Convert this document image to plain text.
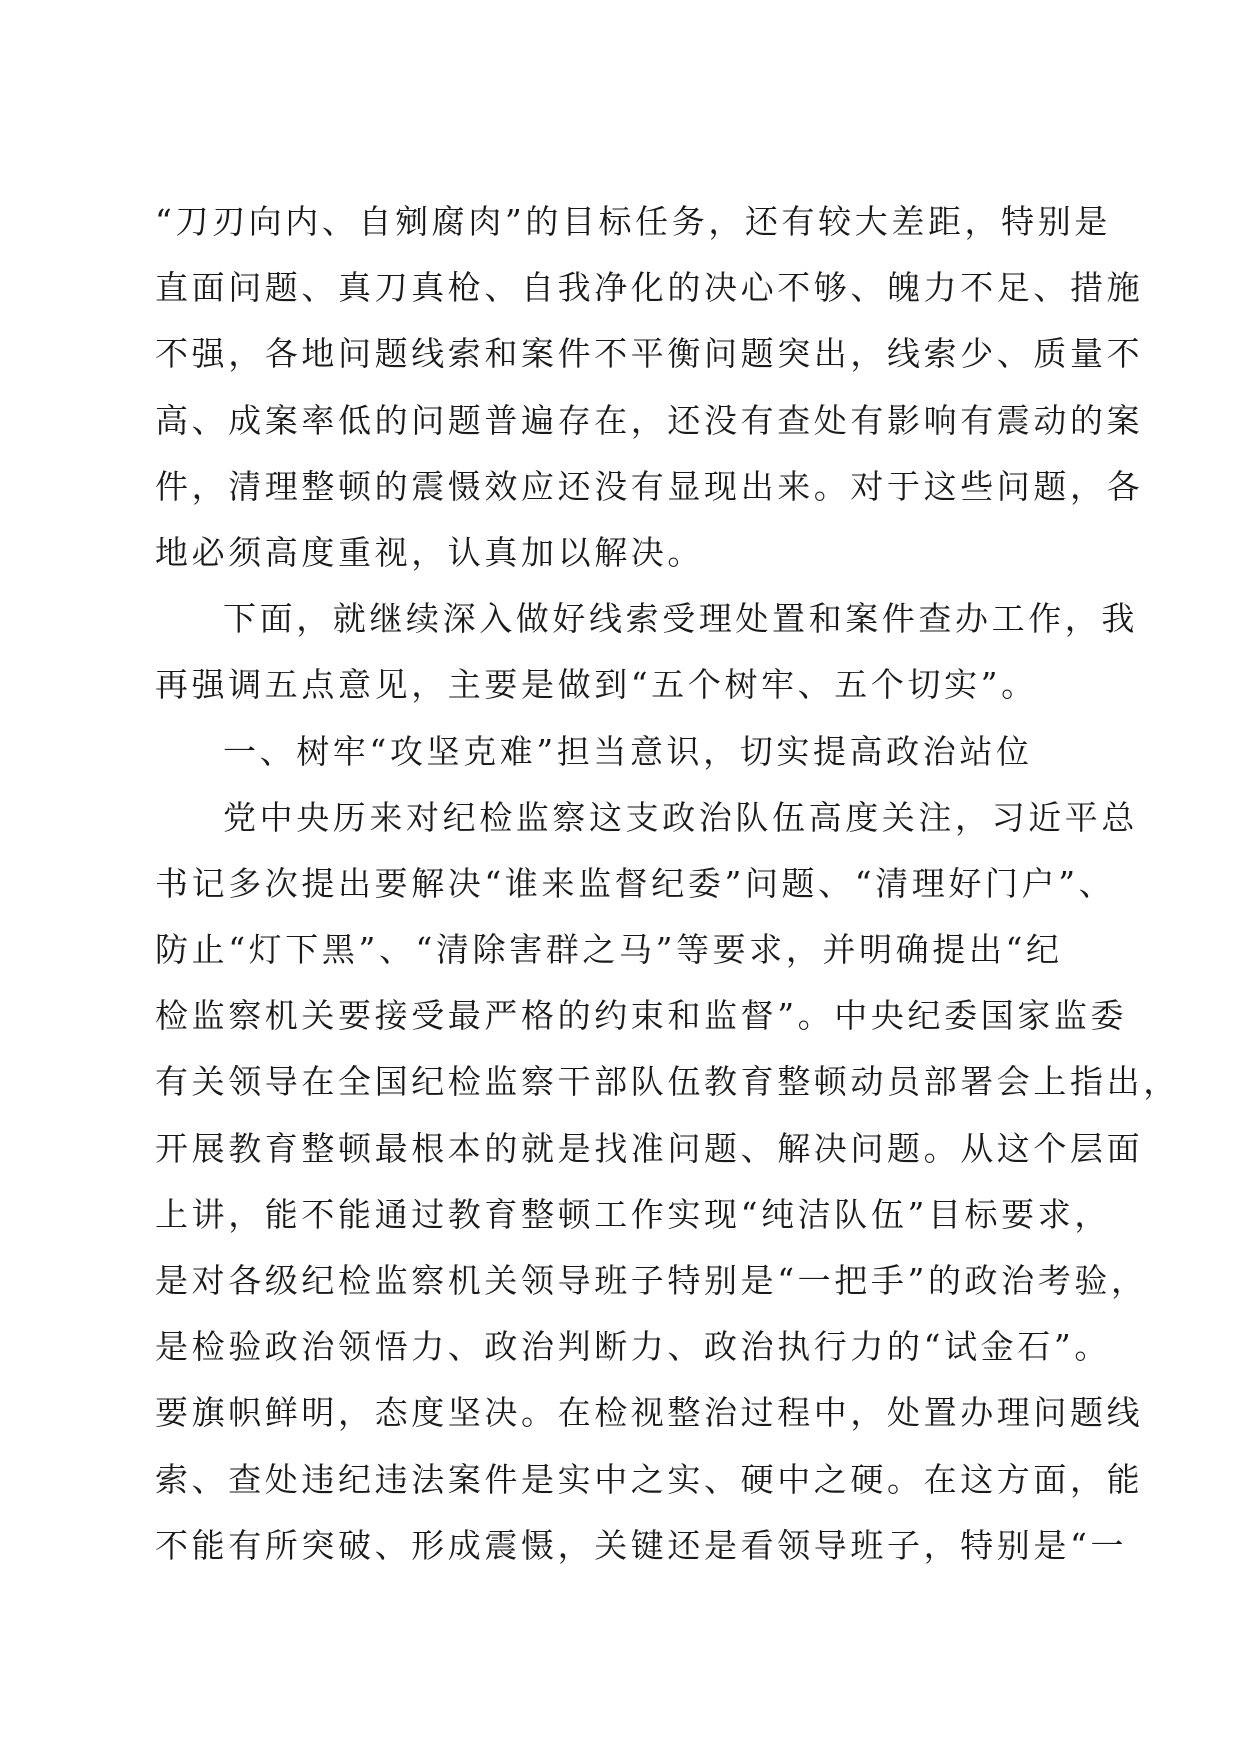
“刀刃向内、自剜腐肉”的目标任务，还有较大差距，特别是
直面问题、真刀真枪、自我净化的决心不够、魄力不足、措施
不强，各地问题线索和案件不平衡问题突出，线索少、质量不
高、成案率低的问题普遍存在，还没有查处有影响有震动的案
件，清理整顿的震慑效应还没有显现出来。对于这些问题，各
地必须高度重视，认真加以解决。
下面，就继续深入做好线索受理处置和案件查办工作，我
再强调五点意见，主要是做到“五个树牢、五个切实”。
一、树牢“攻坚克难”担当意识，切实提高政治站位
党中央历来对纪检监察这支政治队伍高度关注，习近平总
书记多次提出要解决“谁来监督纪委”问题、“清理好门户”、
防止“灯下黑”、“清除害群之马”等要求，并明确提出“纪
检监察机关要接受最严格的约束和监督”。中央纪委国家监委
有关领导在全国纪检监察干部队伍教育整顿动员部署会上指出，
开展教育整顿最根本的就是找准问题、解决问题。从这个层面
上讲，能不能通过教育整顿工作实现“纯洁队伍”目标要求，
是对各级纪检监察机关领导班子特别是“一把手”的政治考验，
是检验政治领悟力、政治判断力、政治执行力的“试金石”。
要旗帜鲜明，态度坚决。在检视整治过程中，处置办理问题线
索、查处违纪违法案件是实中之实、硬中之硬。在这方面，能
不能有所突破、形成震慑，关键还是看领导班子，特别是“一
